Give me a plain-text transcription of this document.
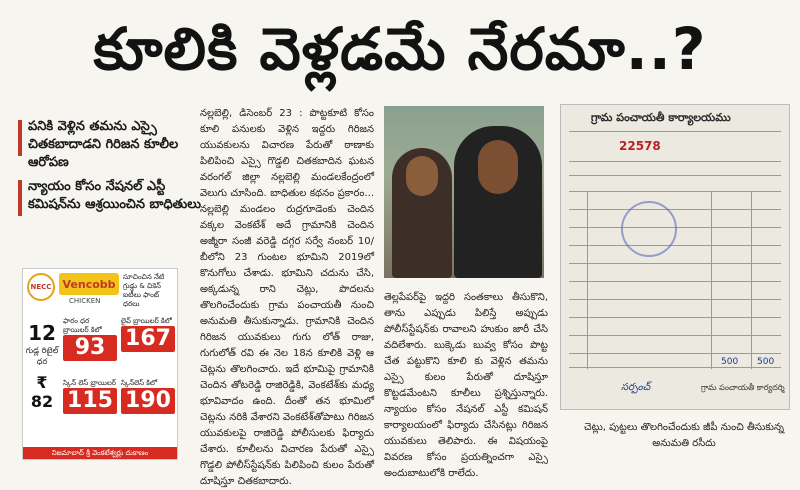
కూలికి వెళ్లడమే నేరమా..?
పనికి వెళ్లిన తమను ఎస్సై చితకబాదాడని గిరిజన కూలీల ఆరోపణ
న్యాయం కోసం నేషనల్ ఎస్టీ కమిషన్‌ను ఆశ్రయించిన బాధితులు
NECC	Vencobb
CHICKEN
సూచించిన నేటి గ్రుడ్డు & చికెన్ ఐటీలు ఫాంట్ ధరలు
12
గుడ్ల రిటైల్ ధర
₹ 82
ఫారం ధర బ్రాయిలర్ కిలో
93
లైవ్ బ్రాయిలర్ కిలో
167
స్కిన్ లెస్ బ్రాయిలర్
115
స్కిన్‌లెస్ కిలో
190
నిజమాబాద్ శ్రీ వెంకటేశ్వర్లు దుకాణం
నల్లబెల్లి, డిసెంబర్ 23 : పొట్టకూటి కోసం కూలి పనులకు వెళ్లిన ఇద్దరు గిరిజన యువకులను విచారణ పేరుతో ఠాణాకు పిలిపించి ఎస్సై గొడ్డలి చితకబాదిన ఘటన వరంగల్ జిల్లా నల్లబెల్లి మండలకేంద్రంలో వెలుగు చూసింది. బాధితుల కథనం ప్రకారం... నల్లబెల్లి మండలం రుద్రగూడెంకు చెందిన వక్కల వెంకటేశ్ అదే గ్రామానికి చెందిన అజ్మీరా సంజీ వరెడ్డి దగ్గర సర్వే నంబర్ 10/బీలోని 23 గుంటల భూమిని 2019లో కొనుగోలు చేశాడు. భూమిని చదును చేసి, అక్కడున్న రాని చెట్లు, పొదలను తొలగించేందుకు గ్రామ పంచాయతీ నుంచి అనుమతి తీసుకున్నాడు. గ్రామానికి చెందిన గిరిజన యువకులు గుగు లోత్ రాజు, గుగులోత్ రవి ఈ నెల 18న కూలికి వెళ్లి ఆ చెట్లను తొలగించారు. ఇదే భూమిపై గ్రామానికి చెందిన తోటరెడ్డి రాజిరెడ్డికి, వెంకటేశ్‌కు మధ్య భూవివాదం ఉంది. దీంతో తన భూమిలో చెట్లను నరికి వేశారని వెంకటేశ్‌తోపాటు గిరిజన యువకులపై రాజిరెడ్డి పోలీసులకు ఫిర్యాదు చేశారు. కూలీలను విచారణ పేరుతో ఎస్సై గొడ్డలి పోలీస్‌స్టేషన్‌కు పిలిపించి కులం పేరుతో దూషిస్తూ చితకబాదారు.
తెల్లపేపర్‌పై ఇద్దరి సంతకాలు తీసుకొని, తాను ఎప్పుడు పిలిస్తే అప్పుడు పోలీస్‌స్టేషన్‌కు రావాలని హుకుం జారీ చేసి వదిలేశారు. బుక్కెడు బువ్వ కోసం పొట్ట చేత పట్టుకొని కూలి కు వెళ్లిన తమను ఎస్సై కులం పేరుతో దూషిస్తూ కొట్టడమేంటని కూలీలు ప్రశ్నిస్తున్నారు. న్యాయం కోసం నేషనల్ ఎస్టీ కమిషన్ కార్యాలయంలో ఫిర్యాదు చేసినట్లు గిరిజన యువకులు తెలిపారు. ఈ విషయంపై వివరణ కోసం ప్రయత్నించగా ఎస్సై అందుబాటులోకి రాలేదు.
గ్రామ పంచాయతీ కార్యాలయము
22578
500 500
సర్పంచ్	గ్రామ పంచాయతీ కార్యదర్శి
చెట్లు, పుట్టలు తొలగించేందుకు జీపీ నుంచి తీసుకున్న అనుమతి రసీదు
